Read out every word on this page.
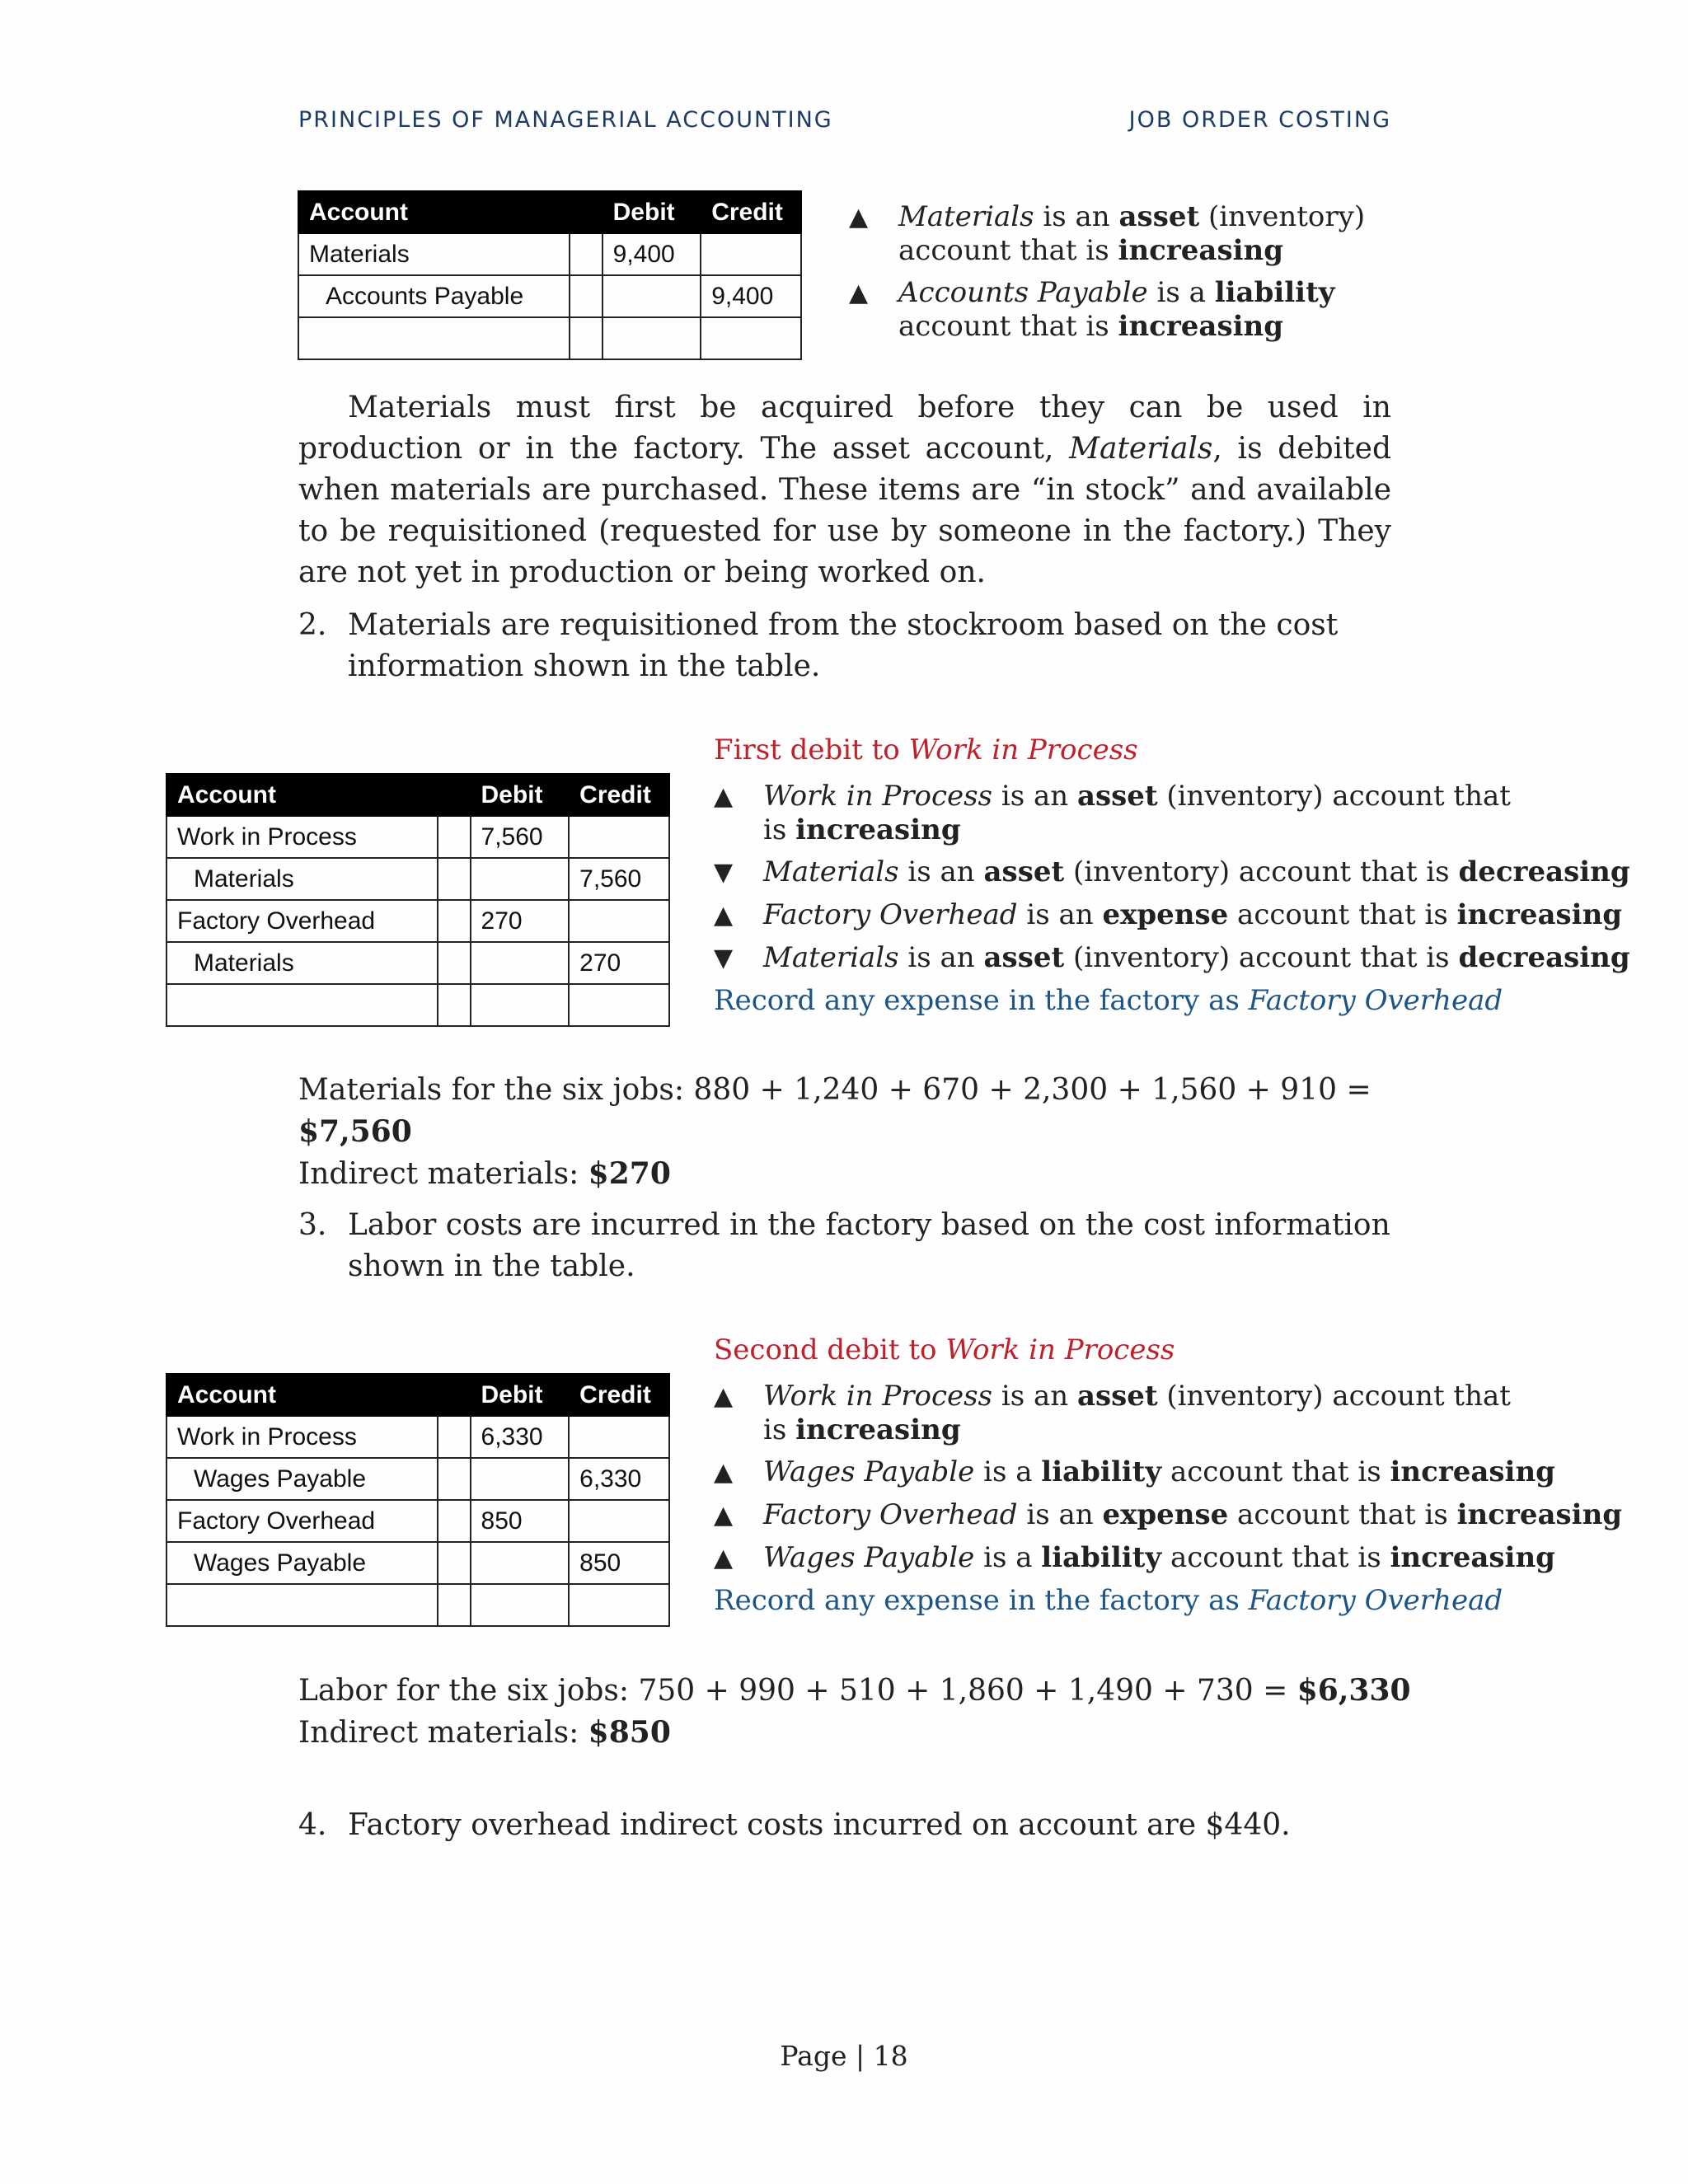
PRINCIPLES OF MANAGERIAL ACCOUNTING	JOB ORDER COSTING
Account		Debit	Credit
Materials		9,400	
Accounts Payable			9,400

▲ Materials is an asset (inventory) account that is increasing
▲ Accounts Payable is a liability account that is increasing
Materials must first be acquired before they can be used in production or in the factory. The asset account, Materials, is debited when materials are purchased. These items are “in stock” and available to be requisitioned (requested for use by someone in the factory.) They are not yet in production or being worked on.
2. Materials are requisitioned from the stockroom based on the cost information shown in the table.
Account		Debit	Credit
Work in Process		7,560	
Materials			7,560
Factory Overhead		270	
Materials			270

First debit to Work in Process
▲ Work in Process is an asset (inventory) account that is increasing
▼ Materials is an asset (inventory) account that is decreasing
▲ Factory Overhead is an expense account that is increasing
▼ Materials is an asset (inventory) account that is decreasing
Record any expense in the factory as Factory Overhead
Materials for the six jobs: 880 + 1,240 + 670 + 2,300 + 1,560 + 910 = $7,560
Indirect materials: $270
3. Labor costs are incurred in the factory based on the cost information shown in the table.
Account		Debit	Credit
Work in Process		6,330	
Wages Payable			6,330
Factory Overhead		850	
Wages Payable			850

Second debit to Work in Process
▲ Work in Process is an asset (inventory) account that is increasing
▲ Wages Payable is a liability account that is increasing
▲ Factory Overhead is an expense account that is increasing
▲ Wages Payable is a liability account that is increasing
Record any expense in the factory as Factory Overhead
Labor for the six jobs: 750 + 990 + 510 + 1,860 + 1,490 + 730 = $6,330
Indirect materials: $850
4. Factory overhead indirect costs incurred on account are $440.
Page | 18
